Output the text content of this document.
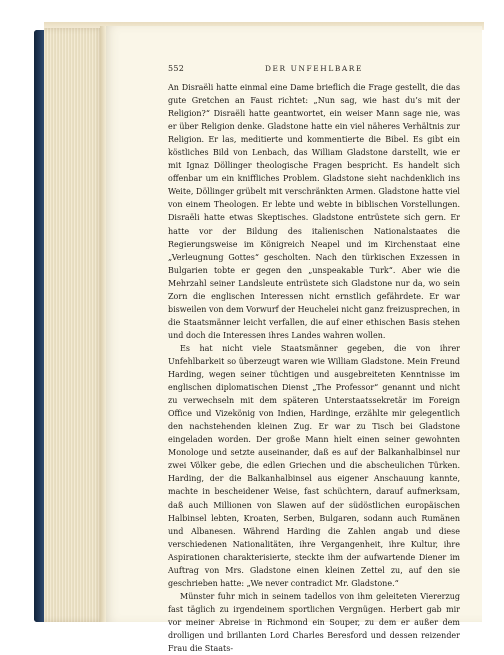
552	DER UNFEHLBARE

An Disraëli hatte einmal eine Dame brieflich die Frage gestellt, die das gute Gretchen an Faust richtet: „Nun sag, wie hast du’s mit der Religion?“ Disraëli hatte geantwortet, ein weiser Mann sage nie, was er über Religion denke. Gladstone hatte ein viel näheres Verhältnis zur Religion. Er las, meditierte und kommentierte die Bibel. Es gibt ein köstliches Bild von Lenbach, das William Gladstone darstellt, wie er mit Ignaz Döllinger theologische Fragen bespricht. Es handelt sich offenbar um ein kniffliches Problem. Gladstone sieht nachdenklich ins Weite, Döllinger grübelt mit verschränkten Armen. Gladstone hatte viel von einem Theologen. Er lebte und webte in biblischen Vorstellungen. Disraëli hatte etwas Skeptisches. Gladstone entrüstete sich gern. Er hatte vor der Bildung des italienischen Nationalstaates die Regierungsweise im Königreich Neapel und im Kirchenstaat eine „Verleugnung Gottes“ gescholten. Nach den türkischen Exzessen in Bulgarien tobte er gegen den „unspeakable Turk“. Aber wie die Mehrzahl seiner Landsleute entrüstete sich Gladstone nur da, wo sein Zorn die englischen Interessen nicht ernstlich gefährdete. Er war bisweilen von dem Vorwurf der Heuchelei nicht ganz freizusprechen, in die Staatsmänner leicht verfallen, die auf einer ethischen Basis stehen und doch die Interessen ihres Landes wahren wollen.

Es hat nicht viele Staatsmänner gegeben, die von ihrer Unfehlbarkeit so überzeugt waren wie William Gladstone. Mein Freund Harding, wegen seiner tüchtigen und ausgebreiteten Kenntnisse im englischen diplomatischen Dienst „The Professor“ genannt und nicht zu verwechseln mit dem späteren Unterstaatssekretär im Foreign Office und Vizekönig von Indien, Hardinge, erzählte mir gelegentlich den nachstehenden kleinen Zug. Er war zu Tisch bei Gladstone eingeladen worden. Der große Mann hielt einen seiner gewohnten Monologe und setzte auseinander, daß es auf der Balkanhalbinsel nur zwei Völker gebe, die edlen Griechen und die abscheulichen Türken. Harding, der die Balkanhalbinsel aus eigener Anschauung kannte, machte in bescheidener Weise, fast schüchtern, darauf aufmerksam, daß auch Millionen von Slawen auf der südöstlichen europäischen Halbinsel lebten, Kroaten, Serben, Bulgaren, sodann auch Rumänen und Albanesen. Während Harding die Zahlen angab und diese verschiedenen Nationalitäten, ihre Vergangenheit, ihre Kultur, ihre Aspirationen charakterisierte, steckte ihm der aufwartende Diener im Auftrag von Mrs. Gladstone einen kleinen Zettel zu, auf den sie geschrieben hatte: „We never contradict Mr. Gladstone.“

Münster fuhr mich in seinem tadellos von ihm geleiteten Viererzug fast täglich zu irgendeinem sportlichen Vergnügen. Herbert gab mir vor meiner Abreise in Richmond ein Souper, zu dem er außer dem drolligen und brillanten Lord Charles Beresford und dessen reizender Frau die Staats-
